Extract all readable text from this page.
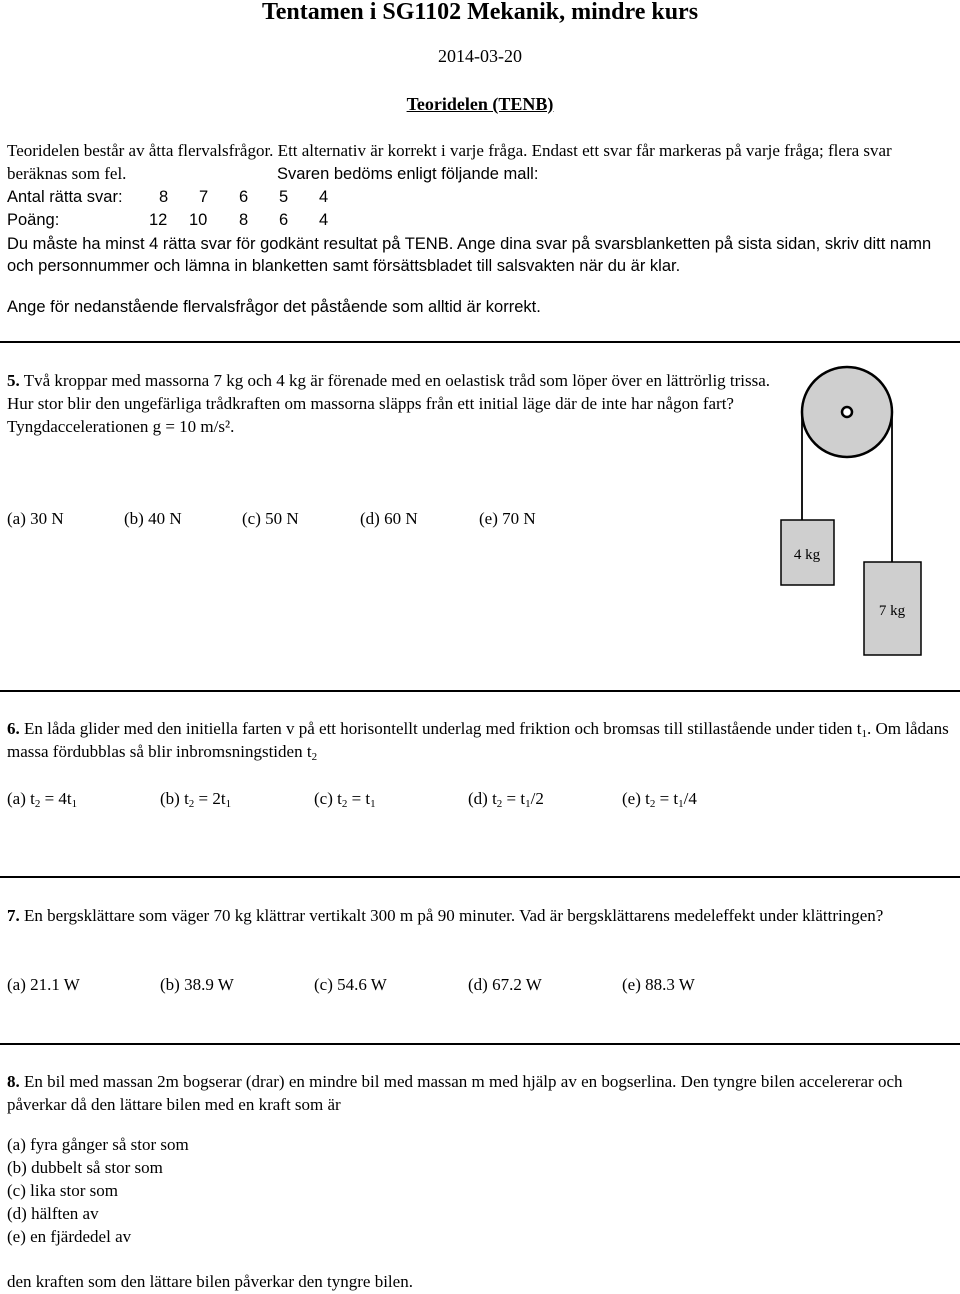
Tentamen i SG1102 Mekanik, mindre kurs
2014-03-20
Teoridelen (TENB)
Teoridelen består av åtta flervalsfrågor. Ett alternativ är korrekt i varje fråga. Endast ett svar får markeras på varje fråga; flera svar beräknas som fel.	Svaren bedöms enligt följande mall:
Antal rätta svar: 8 7 6 5 4
Poäng:	12 10 8 6 4
Du måste ha minst 4 rätta svar för godkänt resultat på TENB. Ange dina svar på svarsblanketten på sista sidan, skriv ditt namn och personnummer och lämna in blanketten samt försättsbladet till salsvakten när du är klar.
Ange för nedanstående flervalsfrågor det påstående som alltid är korrekt.
5. Två kroppar med massorna 7 kg och 4 kg är förenade med en oelastisk tråd som löper över en lättrörlig trissa. Hur stor blir den ungefärliga trådkraften om massorna släpps från ett initial läge där de inte har någon fart? Tyngdaccelerationen g = 10 m/s².
(a) 30 N	(b) 40 N	(c) 50 N	(d) 60 N	(e) 70 N
4 kg
7 kg
6. En låda glider med den initiella farten v på ett horisontellt underlag med friktion och bromsas till stillastående under tiden $t_1$. Om lådans massa fördubblas så blir inbromsningstiden $t_2$
(a) $t_2 = 4t_1$	(b) $t_2 = 2t_1$	(c) $t_2 = t_1$	(d) $t_2 = t_1/2$	(e) $t_2 = t_1/4$
7. En bergsklättare som väger 70 kg klättrar vertikalt 300 m på 90 minuter. Vad är bergsklättarens medeleffekt under klättringen?
(a) 21.1 W	(b) 38.9 W	(c) 54.6 W	(d) 67.2 W	(e) 88.3 W
8. En bil med massan 2m bogserar (drar) en mindre bil med massan m med hjälp av en bogserlina. Den tyngre bilen accelererar och påverkar då den lättare bilen med en kraft som är
(a) fyra gånger så stor som
(b) dubbelt så stor som
(c) lika stor som
(d) hälften av
(e) en fjärdedel av
den kraften som den lättare bilen påverkar den tyngre bilen.
